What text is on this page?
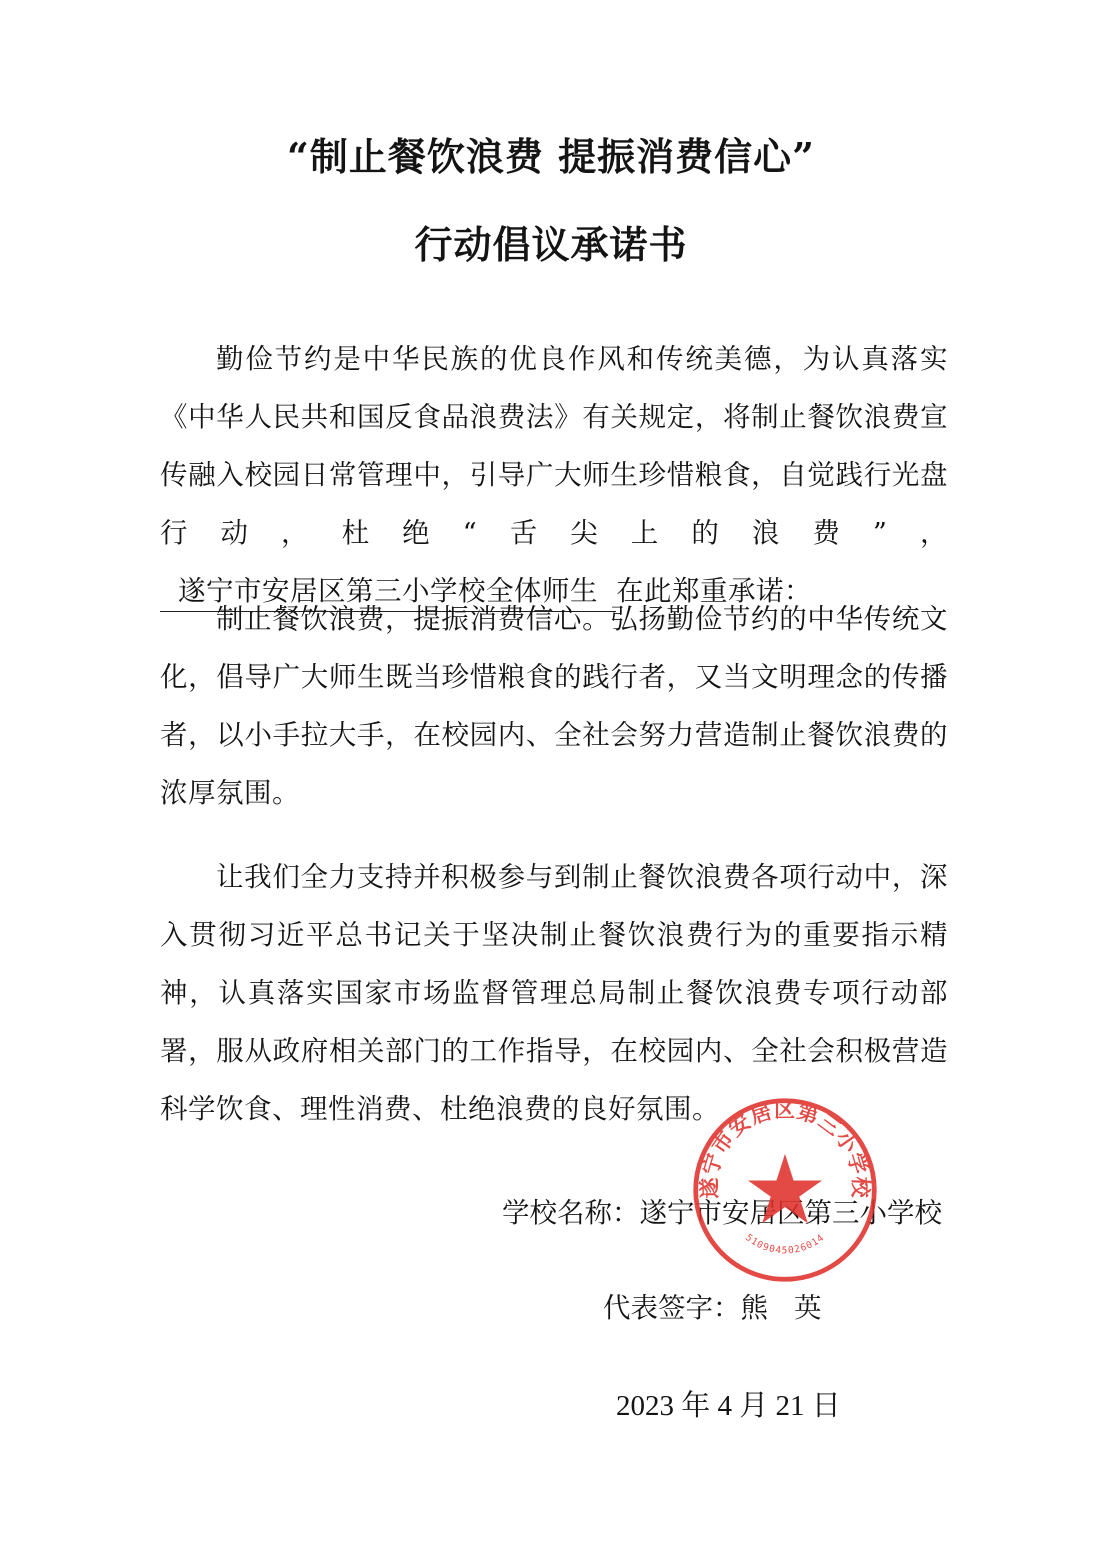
“制止餐饮浪费 提振消费信心”
行动倡议承诺书

勤俭节约是中华民族的优良作风和传统美德，为认真落实《中华人民共和国反食品浪费法》有关规定，将制止餐饮浪费宣传融入校园日常管理中，引导广大师生珍惜粮食，自觉践行光盘行动，杜绝“舌尖上的浪费”，遂宁市安居区第三小学校全体师生 在此郑重承诺：

制止餐饮浪费，提振消费信心。弘扬勤俭节约的中华传统文化，倡导广大师生既当珍惜粮食的践行者，又当文明理念的传播者，以小手拉大手，在校园内、全社会努力营造制止餐饮浪费的浓厚氛围。

让我们全力支持并积极参与到制止餐饮浪费各项行动中，深入贯彻习近平总书记关于坚决制止餐饮浪费行为的重要指示精神，认真落实国家市场监督管理总局制止餐饮浪费专项行动部署，服从政府相关部门的工作指导，在校园内、全社会积极营造科学饮食、理性消费、杜绝浪费的良好氛围。

学校名称：遂宁市安居区第三小学校

代表签字：熊英

2023 年 4 月 21 日

遂宁市安居区第三小学校
5109045026014
